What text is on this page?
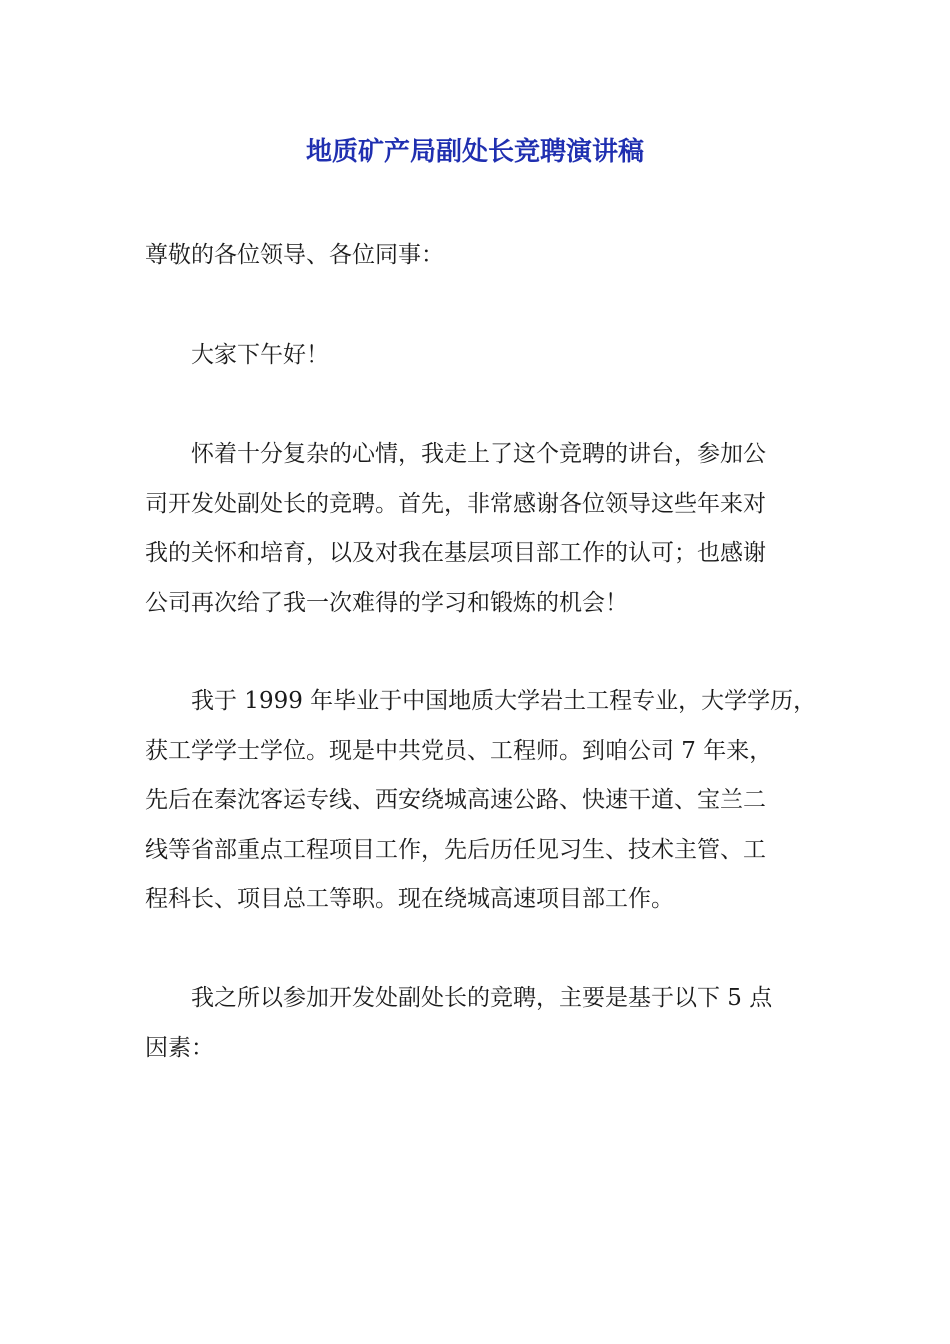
地质矿产局副处长竞聘演讲稿

尊敬的各位领导、各位同事：

大家下午好！

怀着十分复杂的心情，我走上了这个竞聘的讲台，参加公
司开发处副处长的竞聘。首先，非常感谢各位领导这些年来对
我的关怀和培育，以及对我在基层项目部工作的认可；也感谢
公司再次给了我一次难得的学习和锻炼的机会！
我于 1999 年毕业于中国地质大学岩土工程专业，大学学历，
获工学学士学位。现是中共党员、工程师。到咱公司 7 年来，
先后在秦沈客运专线、西安绕城高速公路、快速干道、宝兰二
线等省部重点工程项目工作，先后历任见习生、技术主管、工
程科长、项目总工等职。现在绕城高速项目部工作。
我之所以参加开发处副处长的竞聘，主要是基于以下 5 点
因素：
